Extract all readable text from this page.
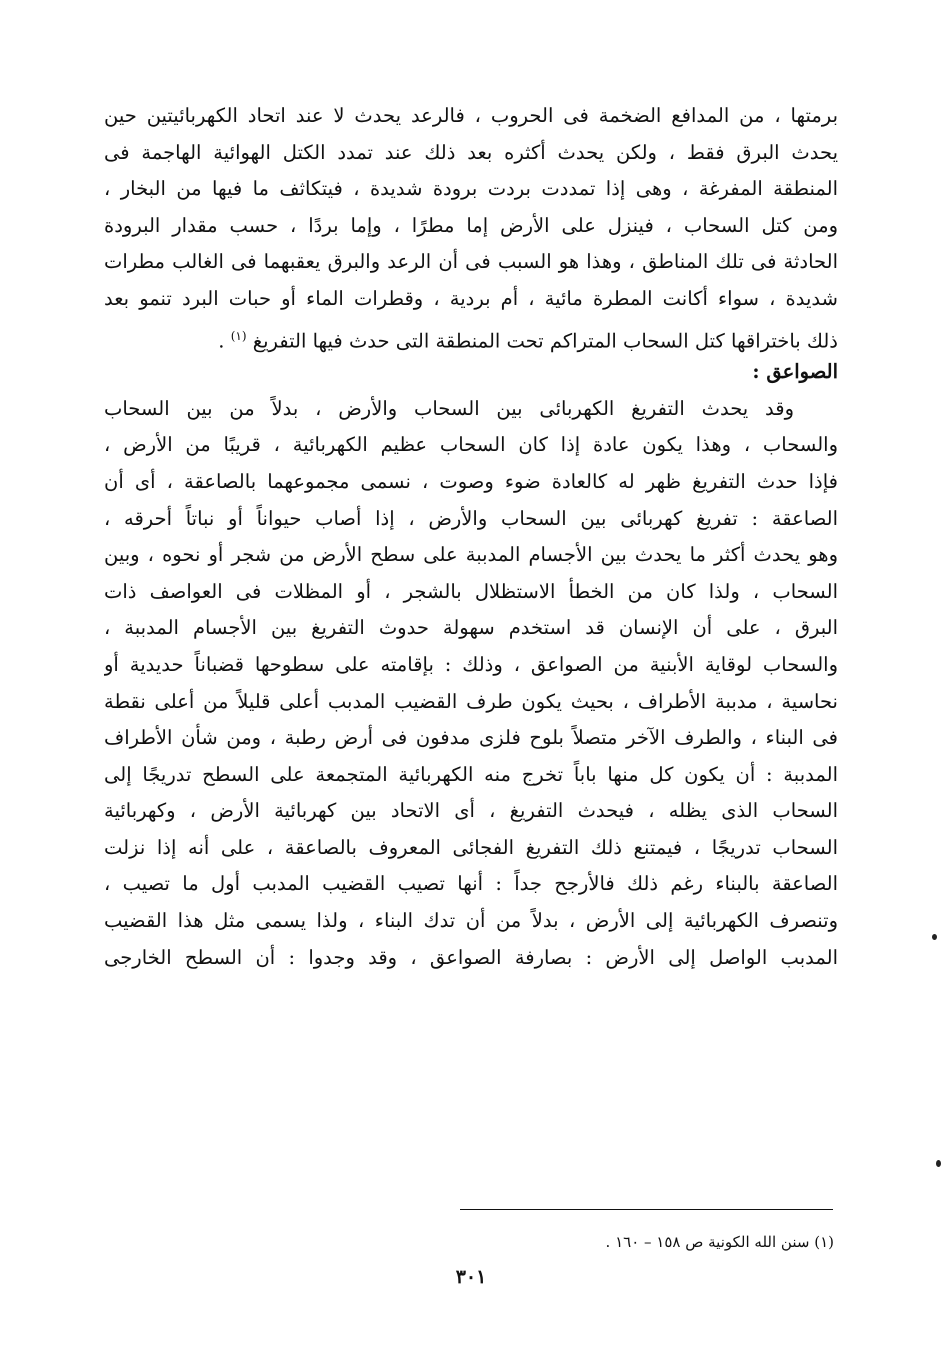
برمتها ، من المدافع الضخمة فى الحروب ، فالرعد يحدث لا عند اتحاد الكهربائيتين حين
يحدث البرق فقط ، ولكن يحدث أكثره بعد ذلك عند تمدد الكتل الهوائية الهاجمة فى
المنطقة المفرغة ، وهى إذا تمددت بردت برودة شديدة ، فيتكاثف ما فيها من البخار ،
ومن كتل السحاب ، فينزل على الأرض إما مطرًا ، وإما بردًا ، حسب مقدار البرودة
الحادثة فى تلك المناطق ، وهذا هو السبب فى أن الرعد والبرق يعقبهما فى الغالب مطرات
شديدة ، سواء أكانت المطرة مائية ، أم بردية ، وقطرات الماء أو حبات البرد تنمو بعد
ذلك باختراقها كتل السحاب المتراكم تحت المنطقة التى حدث فيها التفريغ $^{(١)}$ .
الصواعق :
وقد يحدث التفريغ الكهربائى بين السحاب والأرض ، بدلاً من بين السحاب
والسحاب ، وهذا يكون عادة إذا كان السحاب عظيم الكهربائية ، قريبًا من الأرض ،
فإذا حدث التفريغ ظهر له كالعادة ضوء وصوت ، نسمى مجموعهما بالصاعقة ، أى أن
الصاعقة : تفريغ كهربائى بين السحاب والأرض ، إذا أصاب حيواناً أو نباتاً أحرقه ،
وهو يحدث أكثر ما يحدث بين الأجسام المدببة على سطح الأرض من شجر أو نحوه ، وبين
السحاب ، ولذا كان من الخطأ الاستظلال بالشجر ، أو المظلات فى العواصف ذات
البرق ، على أن الإنسان قد استخدم سهولة حدوث التفريغ بين الأجسام المدببة ،
والسحاب لوقاية الأبنية من الصواعق ، وذلك : بإقامته على سطوحها قضباناً حديدية أو
نحاسية ، مدببة الأطراف ، بحيث يكون طرف القضيب المدبب أعلى قليلاً من أعلى نقطة
فى البناء ، والطرف الآخر متصلاً بلوح فلزى مدفون فى أرض رطبة ، ومن شأن الأطراف
المدببة : أن يكون كل منها باباً تخرج منه الكهربائية المتجمعة على السطح تدريجًا إلى
السحاب الذى يظله ، فيحدث التفريغ ، أى الاتحاد بين كهربائية الأرض ، وكهربائية
السحاب تدريجًا ، فيمتنع ذلك التفريغ الفجائى المعروف بالصاعقة ، على أنه إذا نزلت
الصاعقة بالبناء رغم ذلك فالأرجح جداً : أنها تصيب القضيب المدبب أول ما تصيب ،
وتنصرف الكهربائية إلى الأرض ، بدلاً من أن تدك البناء ، ولذا يسمى مثل هذا القضيب
المدبب الواصل إلى الأرض : بصارفة الصواعق ، وقد وجدوا : أن السطح الخارجى
(١) سنن الله الكونية ص ١٥٨ – ١٦٠ .
٣٠١
